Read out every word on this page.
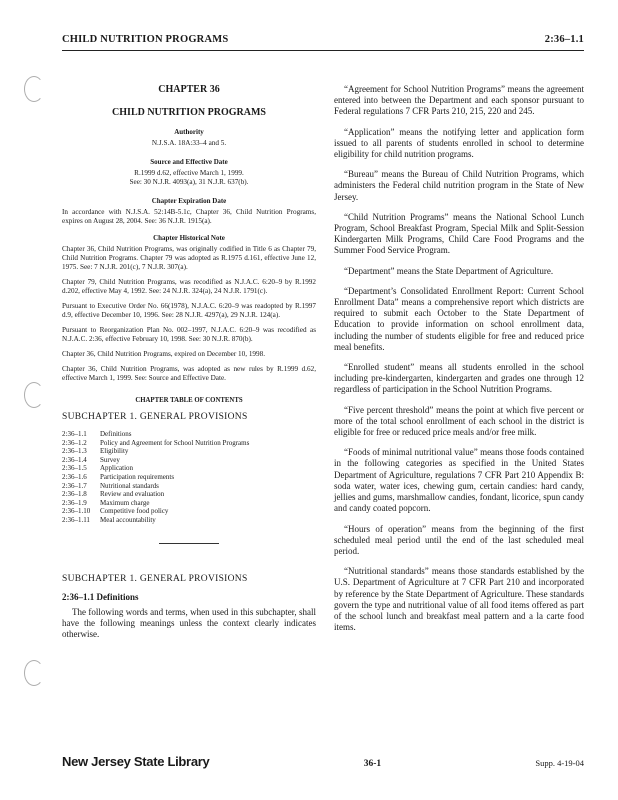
CHILD NUTRITION PROGRAMS	2:36–1.1
CHAPTER 36
CHILD NUTRITION PROGRAMS
Authority
N.J.S.A. 18A:33–4 and 5.
Source and Effective Date
R.1999 d.62, effective March 1, 1999.
See: 30 N.J.R. 4093(a), 31 N.J.R. 637(b).
Chapter Expiration Date

In accordance with N.J.S.A. 52:14B-5.1c, Chapter 36, Child Nutrition Programs, expires on August 28, 2004. See: 36 N.J.R. 1915(a).

Chapter Historical Note

Chapter 36, Child Nutrition Programs, was originally codified in Title 6 as Chapter 79, Child Nutrition Programs. Chapter 79 was adopted as R.1975 d.161, effective June 12, 1975. See: 7 N.J.R. 201(c), 7 N.J.R. 307(a).

Chapter 79, Child Nutrition Programs, was recodified as N.J.A.C. 6:20–9 by R.1992 d.202, effective May 4, 1992. See: 24 N.J.R. 324(a), 24 N.J.R. 1791(c).

Pursuant to Executive Order No. 66(1978), N.J.A.C. 6:20–9 was readopted by R.1997 d.9, effective December 10, 1996. See: 28 N.J.R. 4297(a), 29 N.J.R. 124(a).

Pursuant to Reorganization Plan No. 002–1997, N.J.A.C. 6:20–9 was recodified as N.J.A.C. 2:36, effective February 10, 1998. See: 30 N.J.R. 870(b).

Chapter 36, Child Nutrition Programs, expired on December 10, 1998.

Chapter 36, Child Nutrition Programs, was adopted as new rules by R.1999 d.62, effective March 1, 1999. See: Source and Effective Date.

CHAPTER TABLE OF CONTENTS
SUBCHAPTER 1. GENERAL PROVISIONS
2:36–1.1	Definitions
2:36–1.2	Policy and Agreement for School Nutrition Programs
2:36–1.3	Eligibility
2:36–1.4	Survey
2:36–1.5	Application
2:36–1.6	Participation requirements
2:36–1.7	Nutritional standards
2:36–1.8	Review and evaluation
2:36–1.9	Maximum charge
2:36–1.10	Competitive food policy
2:36–1.11	Meal accountability
SUBCHAPTER 1. GENERAL PROVISIONS
2:36–1.1 Definitions

The following words and terms, when used in this subchapter, shall have the following meanings unless the context clearly indicates otherwise.

“Agreement for School Nutrition Programs” means the agreement entered into between the Department and each sponsor pursuant to Federal regulations 7 CFR Parts 210, 215, 220 and 245.

“Application” means the notifying letter and application form issued to all parents of students enrolled in school to determine eligibility for child nutrition programs.

“Bureau” means the Bureau of Child Nutrition Programs, which administers the Federal child nutrition program in the State of New Jersey.

“Child Nutrition Programs” means the National School Lunch Program, School Breakfast Program, Special Milk and Split-Session Kindergarten Milk Programs, Child Care Food Programs and the Summer Food Service Program.

“Department” means the State Department of Agriculture.

“Department’s Consolidated Enrollment Report: Current School Enrollment Data” means a comprehensive report which districts are required to submit each October to the State Department of Education to provide information on school enrollment data, including the number of students eligible for free and reduced price meal benefits.

“Enrolled student” means all students enrolled in the school including pre-kindergarten, kindergarten and grades one through 12 regardless of participation in the School Nutrition Programs.

“Five percent threshold” means the point at which five percent or more of the total school enrollment of each school in the district is eligible for free or reduced price meals and/or free milk.

“Foods of minimal nutritional value” means those foods contained in the following categories as specified in the United States Department of Agriculture, regulations 7 CFR Part 210 Appendix B: soda water, water ices, chewing gum, certain candies: hard candy, jellies and gums, marshmallow candies, fondant, licorice, spun candy and candy coated popcorn.

“Hours of operation” means from the beginning of the first scheduled meal period until the end of the last scheduled meal period.

“Nutritional standards” means those standards established by the U.S. Department of Agriculture at 7 CFR Part 210 and incorporated by reference by the State Department of Agriculture. These standards govern the type and nutritional value of all food items offered as part of the school lunch and breakfast meal pattern and a la carte food items.

New Jersey State Library	36-1	Supp. 4-19-04
